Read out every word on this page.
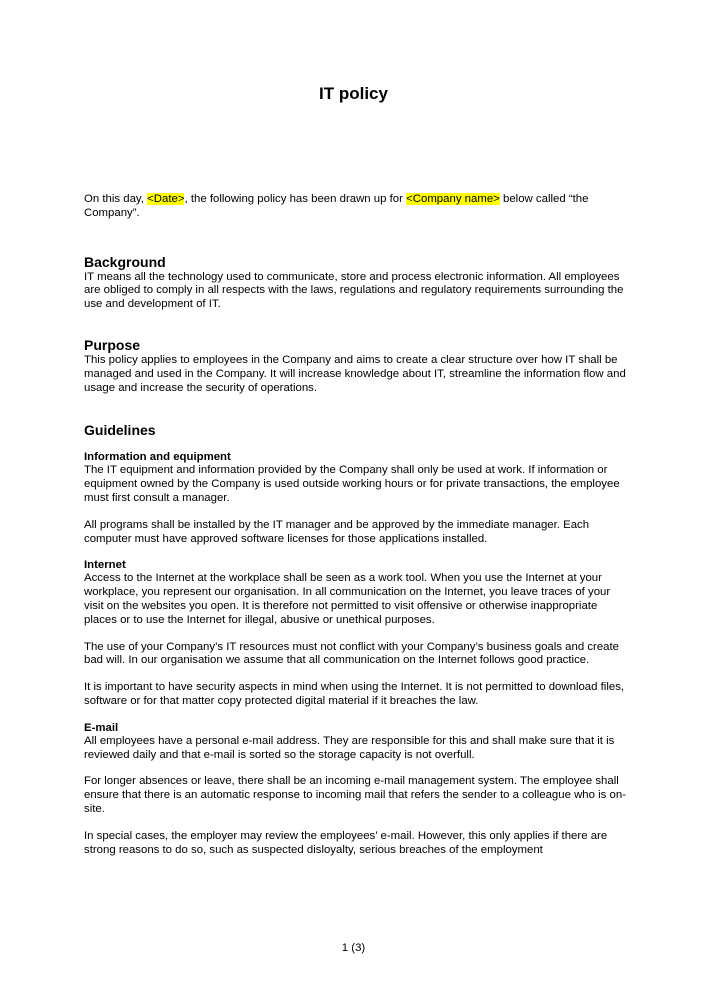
IT policy

On this day, <Date>, the following policy has been drawn up for <Company name> below called “the Company”.

Background

IT means all the technology used to communicate, store and process electronic information. All employees are obliged to comply in all respects with the laws, regulations and regulatory requirements surrounding the use and development of IT.

Purpose

This policy applies to employees in the Company and aims to create a clear structure over how IT shall be managed and used in the Company. It will increase knowledge about IT, streamline the information flow and usage and increase the security of operations.

Guidelines
Information and equipment

The IT equipment and information provided by the Company shall only be used at work. If information or equipment owned by the Company is used outside working hours or for private transactions, the employee must first consult a manager.

All programs shall be installed by the IT manager and be approved by the immediate manager. Each computer must have approved software licenses for those applications installed.

Internet

Access to the Internet at the workplace shall be seen as a work tool. When you use the Internet at your workplace, you represent our organisation. In all communication on the Internet, you leave traces of your visit on the websites you open. It is therefore not permitted to visit offensive or otherwise inappropriate places or to use the Internet for illegal, abusive or unethical purposes.

The use of your Company’s IT resources must not conflict with your Company’s business goals and create bad will. In our organisation we assume that all communication on the Internet follows good practice.

It is important to have security aspects in mind when using the Internet. It is not permitted to download files, software or for that matter copy protected digital material if it breaches the law.

E-mail

All employees have a personal e-mail address. They are responsible for this and shall make sure that it is reviewed daily and that e-mail is sorted so the storage capacity is not overfull.

For longer absences or leave, there shall be an incoming e-mail management system. The employee shall ensure that there is an automatic response to incoming mail that refers the sender to a colleague who is on-site.

In special cases, the employer may review the employees’ e-mail. However, this only applies if there are strong reasons to do so, such as suspected disloyalty, serious breaches of the employment

1 (3)
